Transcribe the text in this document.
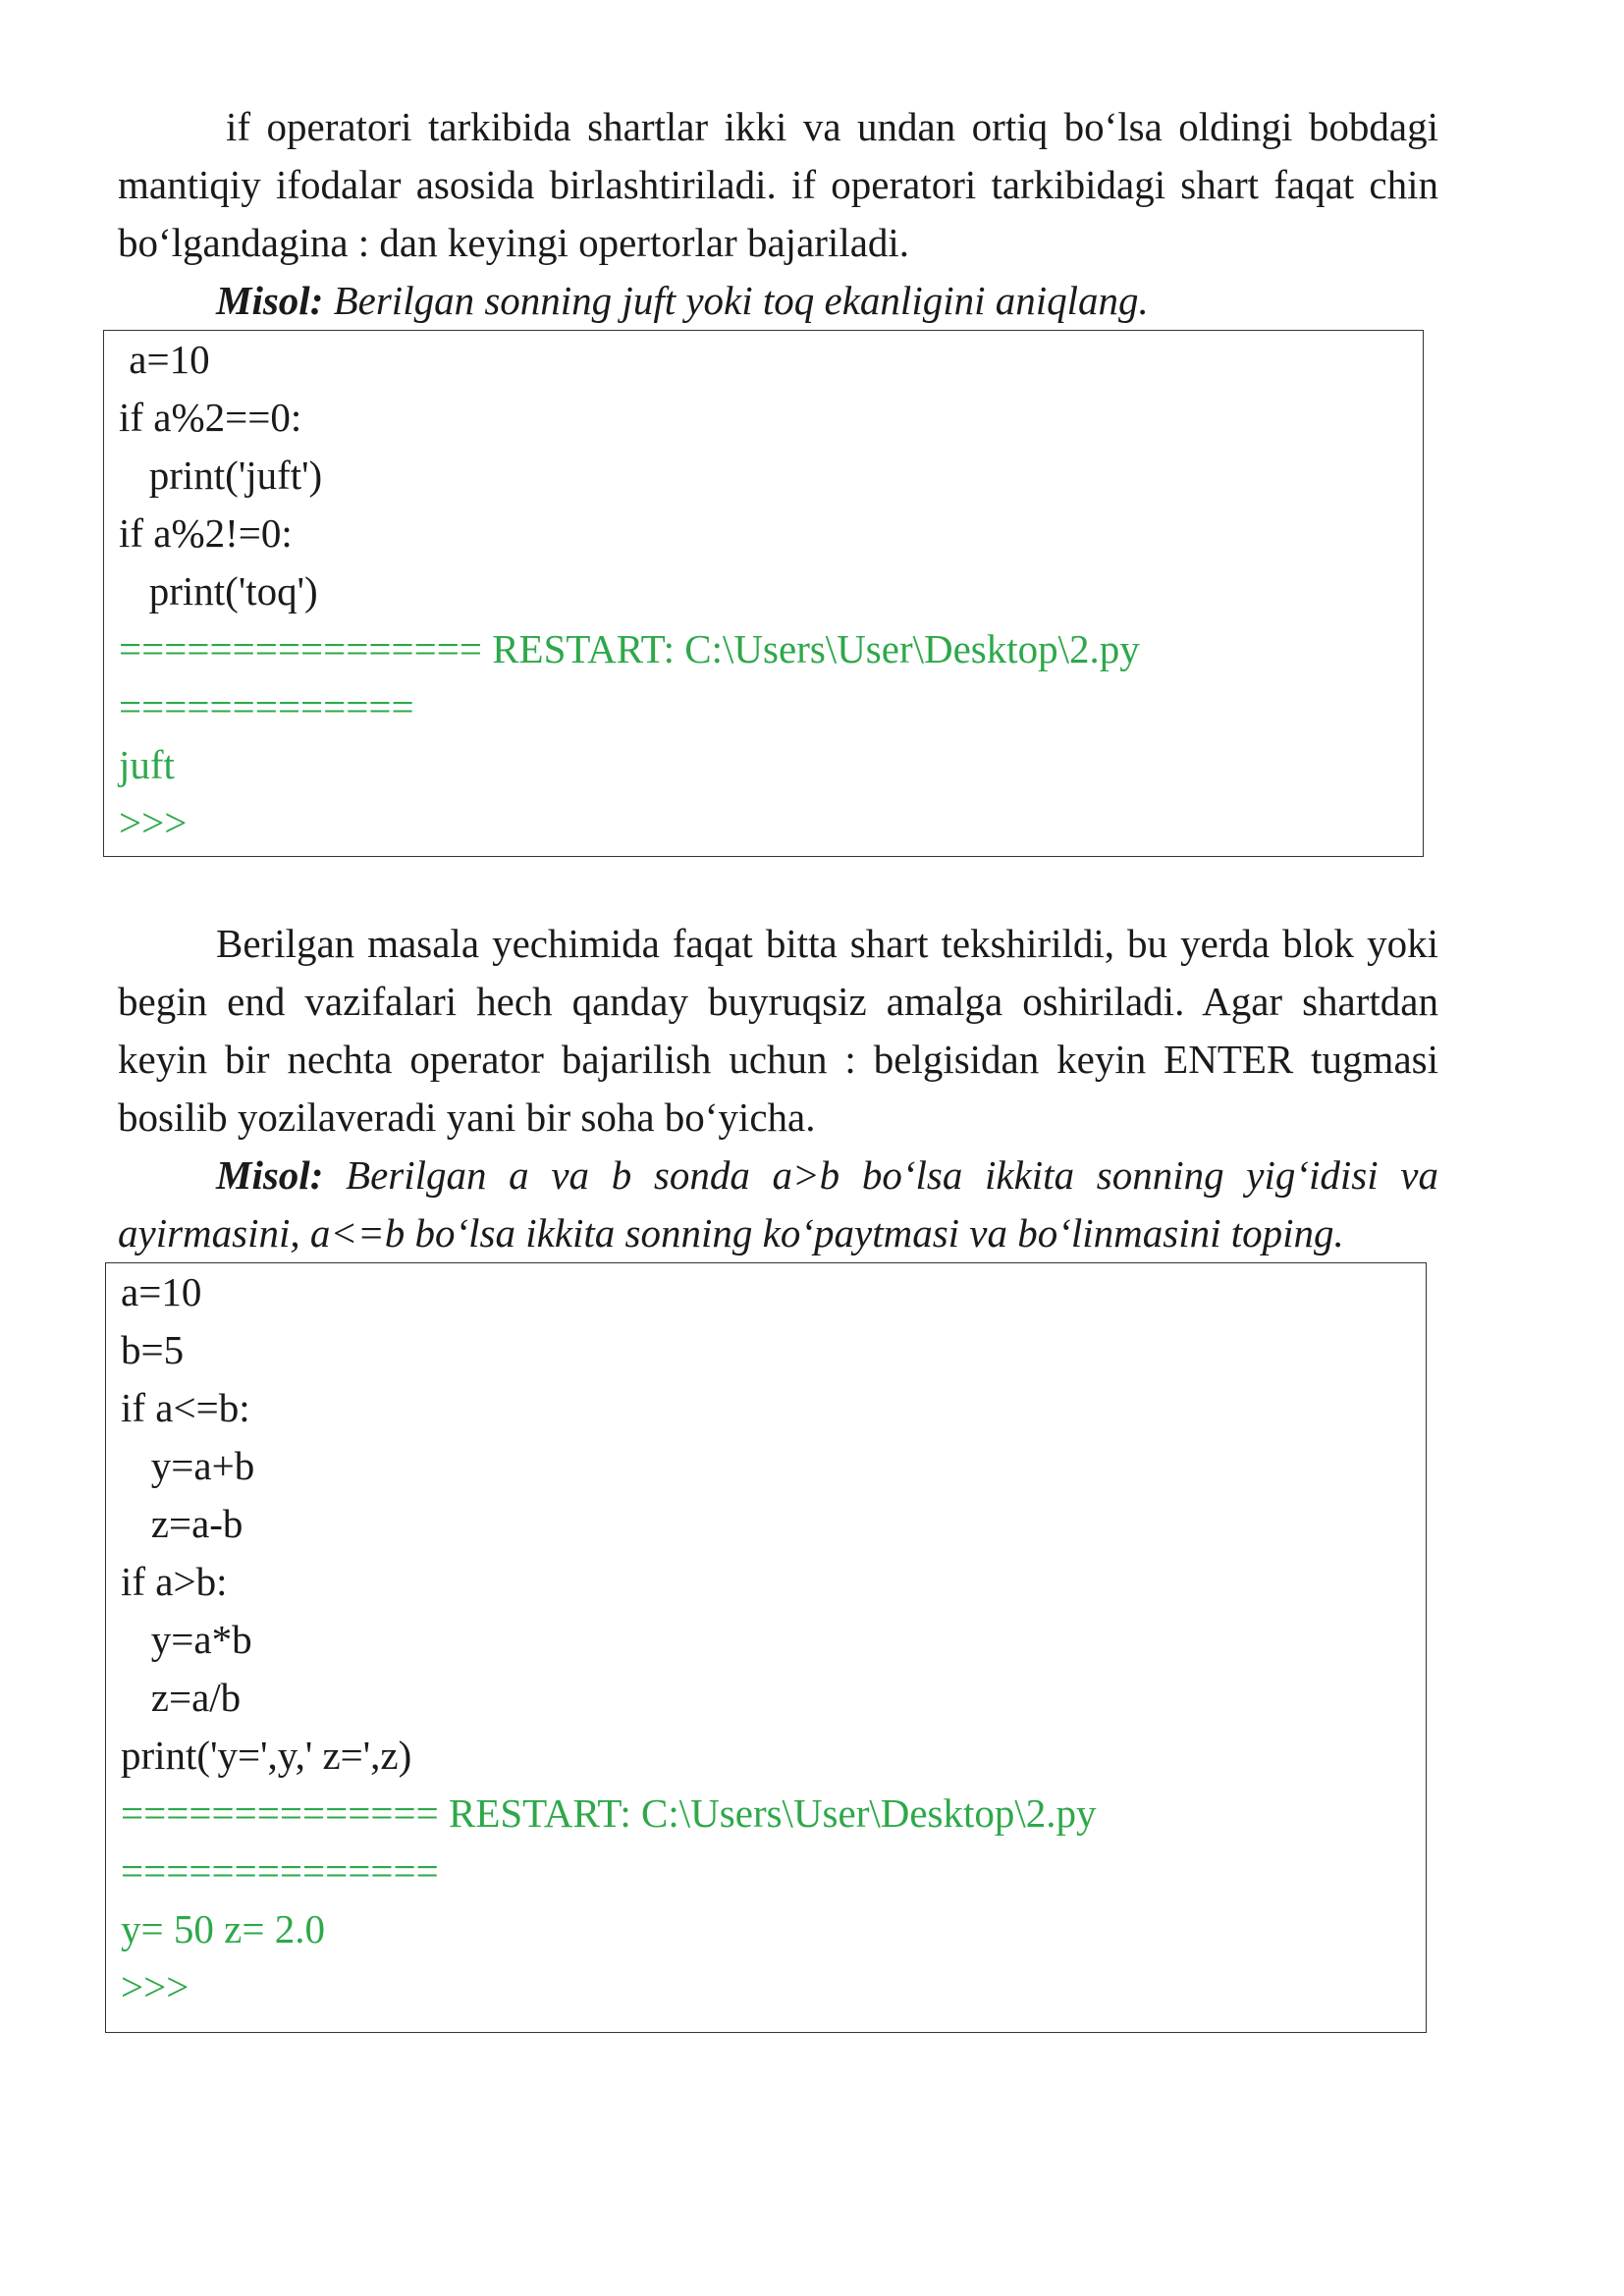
if operatori tarkibida shartlar ikki va undan ortiq bo‘lsa oldingi bobdagi mantiqiy ifodalar asosida birlashtiriladi. if operatori tarkibidagi shart faqat chin bo‘lgandagina : dan keyingi opertorlar bajariladi.

Misol: Berilgan sonning juft yoki toq ekanligini aniqlang.

a=10
if a%2==0:
print('juft')
if a%2!=0:
print('toq')
================ RESTART: C:\Users\User\Desktop\2.py
=============
juft
>>>

Berilgan masala yechimida faqat bitta shart tekshirildi, bu yerda blok yoki begin end vazifalari hech qanday buyruqsiz amalga oshiriladi. Agar shartdan keyin bir nechta operator bajarilish uchun : belgisidan keyin ENTER tugmasi bosilib yozilaveradi yani bir soha bo‘yicha.

Misol: Berilgan a va b sonda a>b bo‘lsa ikkita sonning yig‘idisi va ayirmasini, a<=b bo‘lsa ikkita sonning ko‘paytmasi va bo‘linmasini toping.

a=10
b=5
if a<=b:
y=a+b
z=a-b
if a>b:
y=a*b
z=a/b
print('y=',y,' z=',z)
============== RESTART: C:\Users\User\Desktop\2.py
==============
y= 50 z= 2.0
>>>
